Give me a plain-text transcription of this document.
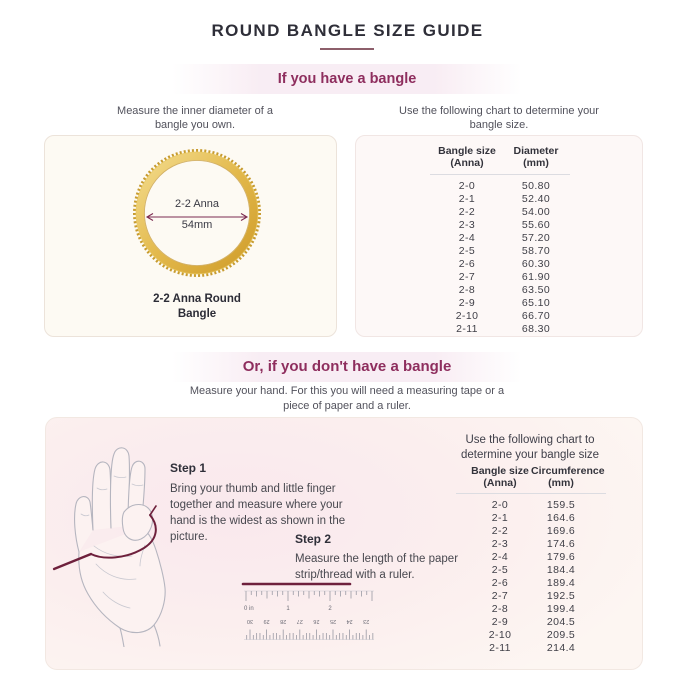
ROUND BANGLE SIZE GUIDE
If you have a bangle
Measure the inner diameter of a bangle you own.
Use the following chart to determine your bangle size.
2-2 Anna
54mm
2-2 Anna Round Bangle
Bangle size
(Anna)
Diameter
(mm)
2-0	50.80
2-1	52.40
2-2	54.00
2-3	55.60
2-4	57.20
2-5	58.70
2-6	60.30
2-7	61.90
2-8	63.50
2-9	65.10
2-10	66.70
2-11	68.30
Or, if you don't have a bangle
Measure your hand. For this you will need a measuring tape or a piece of paper and a ruler.
Step 1
Bring your thumb and little finger together and measure where your hand is the widest as shown in the picture.	Step 2
Measure the length of the paper strip/thread with a ruler.
0 in	1	2
30 29 28 27 26 25 24 23
Use the following chart to determine your bangle size
Bangle size
(Anna)
Circumference
(mm)
2-0	159.5
2-1	164.6
2-2	169.6
2-3	174.6
2-4	179.6
2-5	184.4
2-6	189.4
2-7	192.5
2-8	199.4
2-9	204.5
2-10	209.5
2-11	214.4
